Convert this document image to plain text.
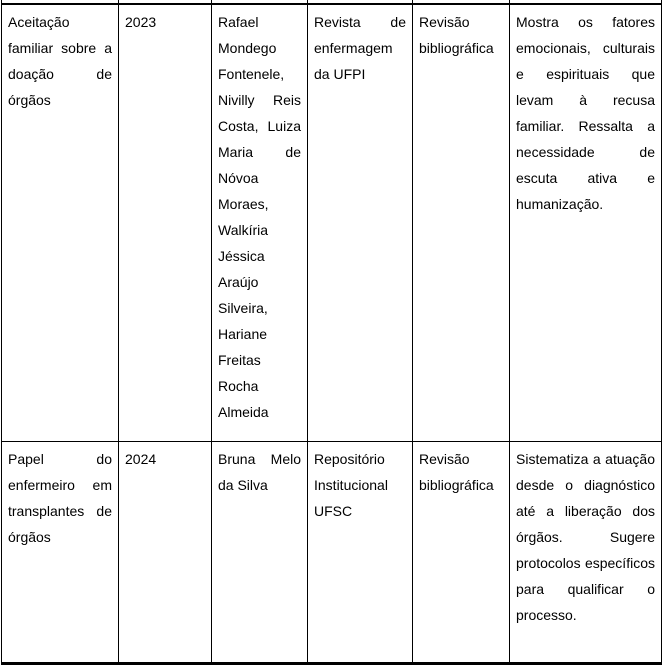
Aceitação familiar sobre a doação de órgãos	2023	Rafael Mondego Fontenele, Nivilly Reis Costa, Luiza Maria de Nóvoa Moraes, Walkíria Jéssica Araújo Silveira, Hariane Freitas Rocha Almeida	Revista de enfermagem da UFPI	Revisão bibliográfica	Mostra os fatores emocionais, culturais e espirituais que levam à recusa familiar. Ressalta a necessidade de escuta ativa e humanização.
Papel do enfermeiro em transplantes de órgãos	2024	Bruna Melo da Silva	Repositório Institucional UFSC	Revisão bibliográfica	Sistematiza a atuação desde o diagnóstico até a liberação dos órgãos. Sugere protocolos específicos para qualificar o processo.
